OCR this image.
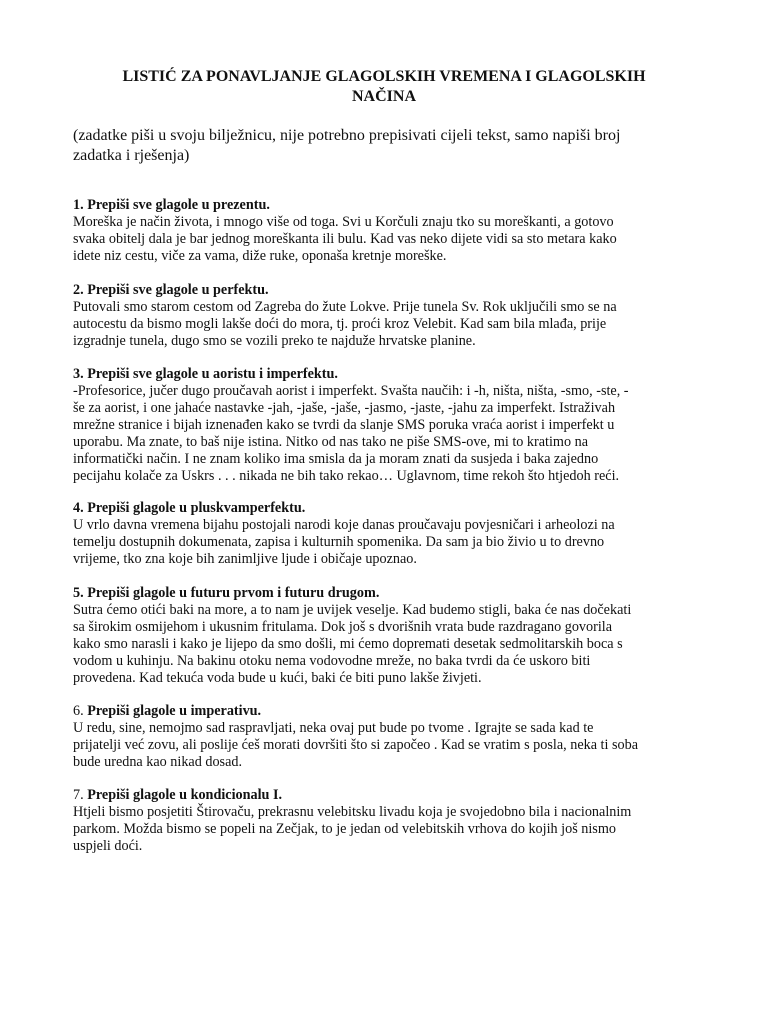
LISTIĆ ZA PONAVLJANJE GLAGOLSKIH VREMENA I GLAGOLSKIH
NAČINA

(zadatke piši u svoju bilježnicu, nije potrebno prepisivati cijeli tekst, samo napiši broj
zadatka i rješenja)

1. Prepiši sve glagole u prezentu.

Moreška je način života, i mnogo više od toga. Svi u Korčuli znaju tko su moreškanti, a gotovo
svaka obitelj dala je bar jednog moreškanta ili bulu. Kad vas neko dijete vidi sa sto metara kako
idete niz cestu, viče za vama, diže ruke, oponaša kretnje moreške.

2. Prepiši sve glagole u perfektu.

Putovali smo starom cestom od Zagreba do žute Lokve. Prije tunela Sv. Rok uključili smo se na
autocestu da bismo mogli lakše doći do mora, tj. proći kroz Velebit. Kad sam bila mlađa, prije
izgradnje tunela, dugo smo se vozili preko te najduže hrvatske planine.

3. Prepiši sve glagole u aoristu i imperfektu.

-Profesorice, jučer dugo proučavah aorist i imperfekt. Svašta naučih: i -h, ništa, ništa, -smo, -ste, -
še za aorist, i one jahaće nastavke -jah, -jaše, -jaše, -jasmo, -jaste, -jahu za imperfekt. Istraživah
mrežne stranice i bijah iznenađen kako se tvrdi da slanje SMS poruka vraća aorist i imperfekt u
uporabu. Ma znate, to baš nije istina. Nitko od nas tako ne piše SMS-ove, mi to kratimo na
informatički način. I ne znam koliko ima smisla da ja moram znati da susjeda i baka zajedno
pecijahu kolače za Uskrs . . . nikada ne bih tako rekao… Uglavnom, time rekoh što htjedoh reći.

4. Prepiši glagole u pluskvamperfektu.

U vrlo davna vremena bijahu postojali narodi koje danas proučavaju povjesničari i arheolozi na
temelju dostupnih dokumenata, zapisa i kulturnih spomenika. Da sam ja bio živio u to drevno
vrijeme, tko zna koje bih zanimljive ljude i običaje upoznao.

5. Prepiši glagole u futuru prvom i futuru drugom.

Sutra ćemo otići baki na more, a to nam je uvijek veselje. Kad budemo stigli, baka će nas dočekati
sa širokim osmijehom i ukusnim fritulama. Dok još s dvorišnih vrata bude razdragano govorila
kako smo narasli i kako je lijepo da smo došli, mi ćemo dopremati desetak sedmolitarskih boca s
vodom u kuhinju. Na bakinu otoku nema vodovodne mreže, no baka tvrdi da će uskoro biti
provedena. Kad tekuća voda bude u kući, baki će biti puno lakše živjeti.

6. Prepiši glagole u imperativu.

U redu, sine, nemojmo sad raspravljati, neka ovaj put bude po tvome . Igrajte se sada kad te
prijatelji već zovu, ali poslije ćeš morati dovršiti što si započeo . Kad se vratim s posla, neka ti soba
bude uredna kao nikad dosad.

7. Prepiši glagole u kondicionalu I.

Htjeli bismo posjetiti Štirovaču, prekrasnu velebitsku livadu koja je svojedobno bila i nacionalnim
parkom. Možda bismo se popeli na Zečjak, to je jedan od velebitskih vrhova do kojih još nismo
uspjeli doći.
